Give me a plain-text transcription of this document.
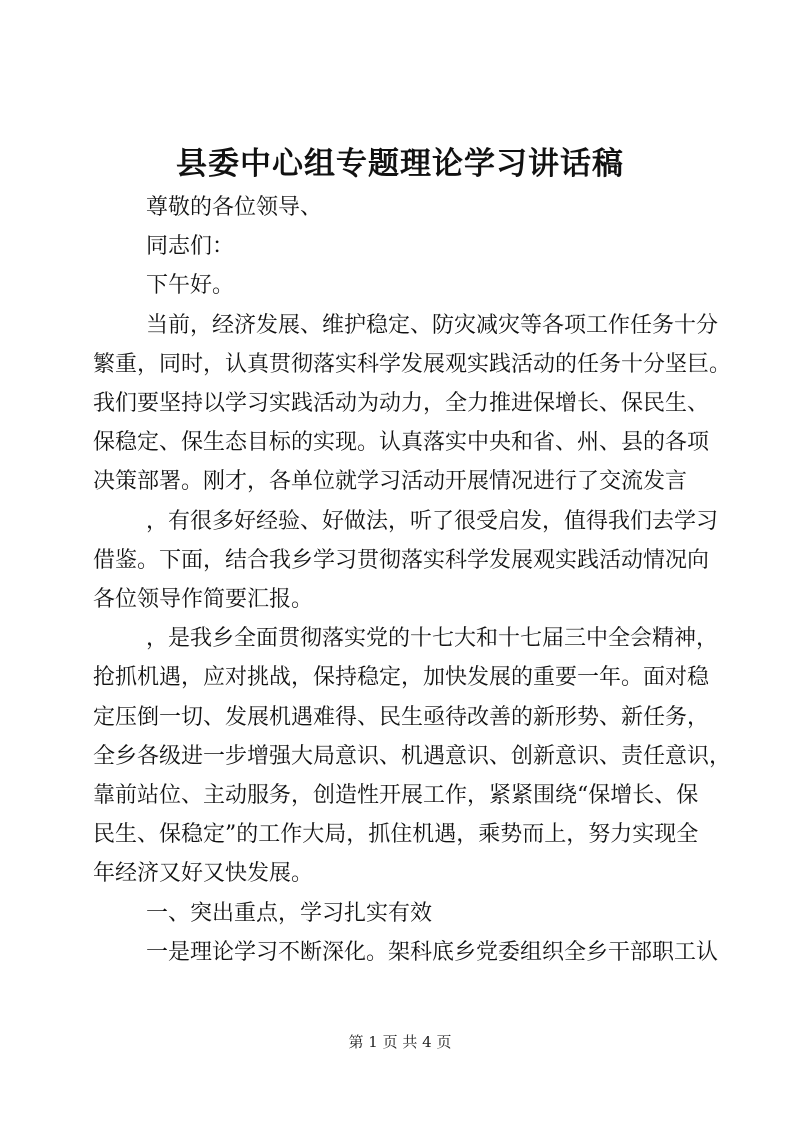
县委中心组专题理论学习讲话稿
尊敬的各位领导、
同志们：
下午好。
当前，经济发展、维护稳定、防灾减灾等各项工作任务十分
繁重，同时，认真贯彻落实科学发展观实践活动的任务十分坚巨。
我们要坚持以学习实践活动为动力，全力推进保增长、保民生、
保稳定、保生态目标的实现。认真落实中央和省、州、县的各项
决策部署。刚才，各单位就学习活动开展情况进行了交流发言
，有很多好经验、好做法，听了很受启发，值得我们去学习
借鉴。下面，结合我乡学习贯彻落实科学发展观实践活动情况向
各位领导作简要汇报。
，是我乡全面贯彻落实党的十七大和十七届三中全会精神，
抢抓机遇，应对挑战，保持稳定，加快发展的重要一年。面对稳
定压倒一切、发展机遇难得、民生亟待改善的新形势、新任务，
全乡各级进一步增强大局意识、机遇意识、创新意识、责任意识，
靠前站位、主动服务，创造性开展工作，紧紧围绕“保增长、保
民生、保稳定”的工作大局，抓住机遇，乘势而上，努力实现全
年经济又好又快发展。
一、突出重点，学习扎实有效
一是理论学习不断深化。架科底乡党委组织全乡干部职工认
第 1 页 共 4 页
